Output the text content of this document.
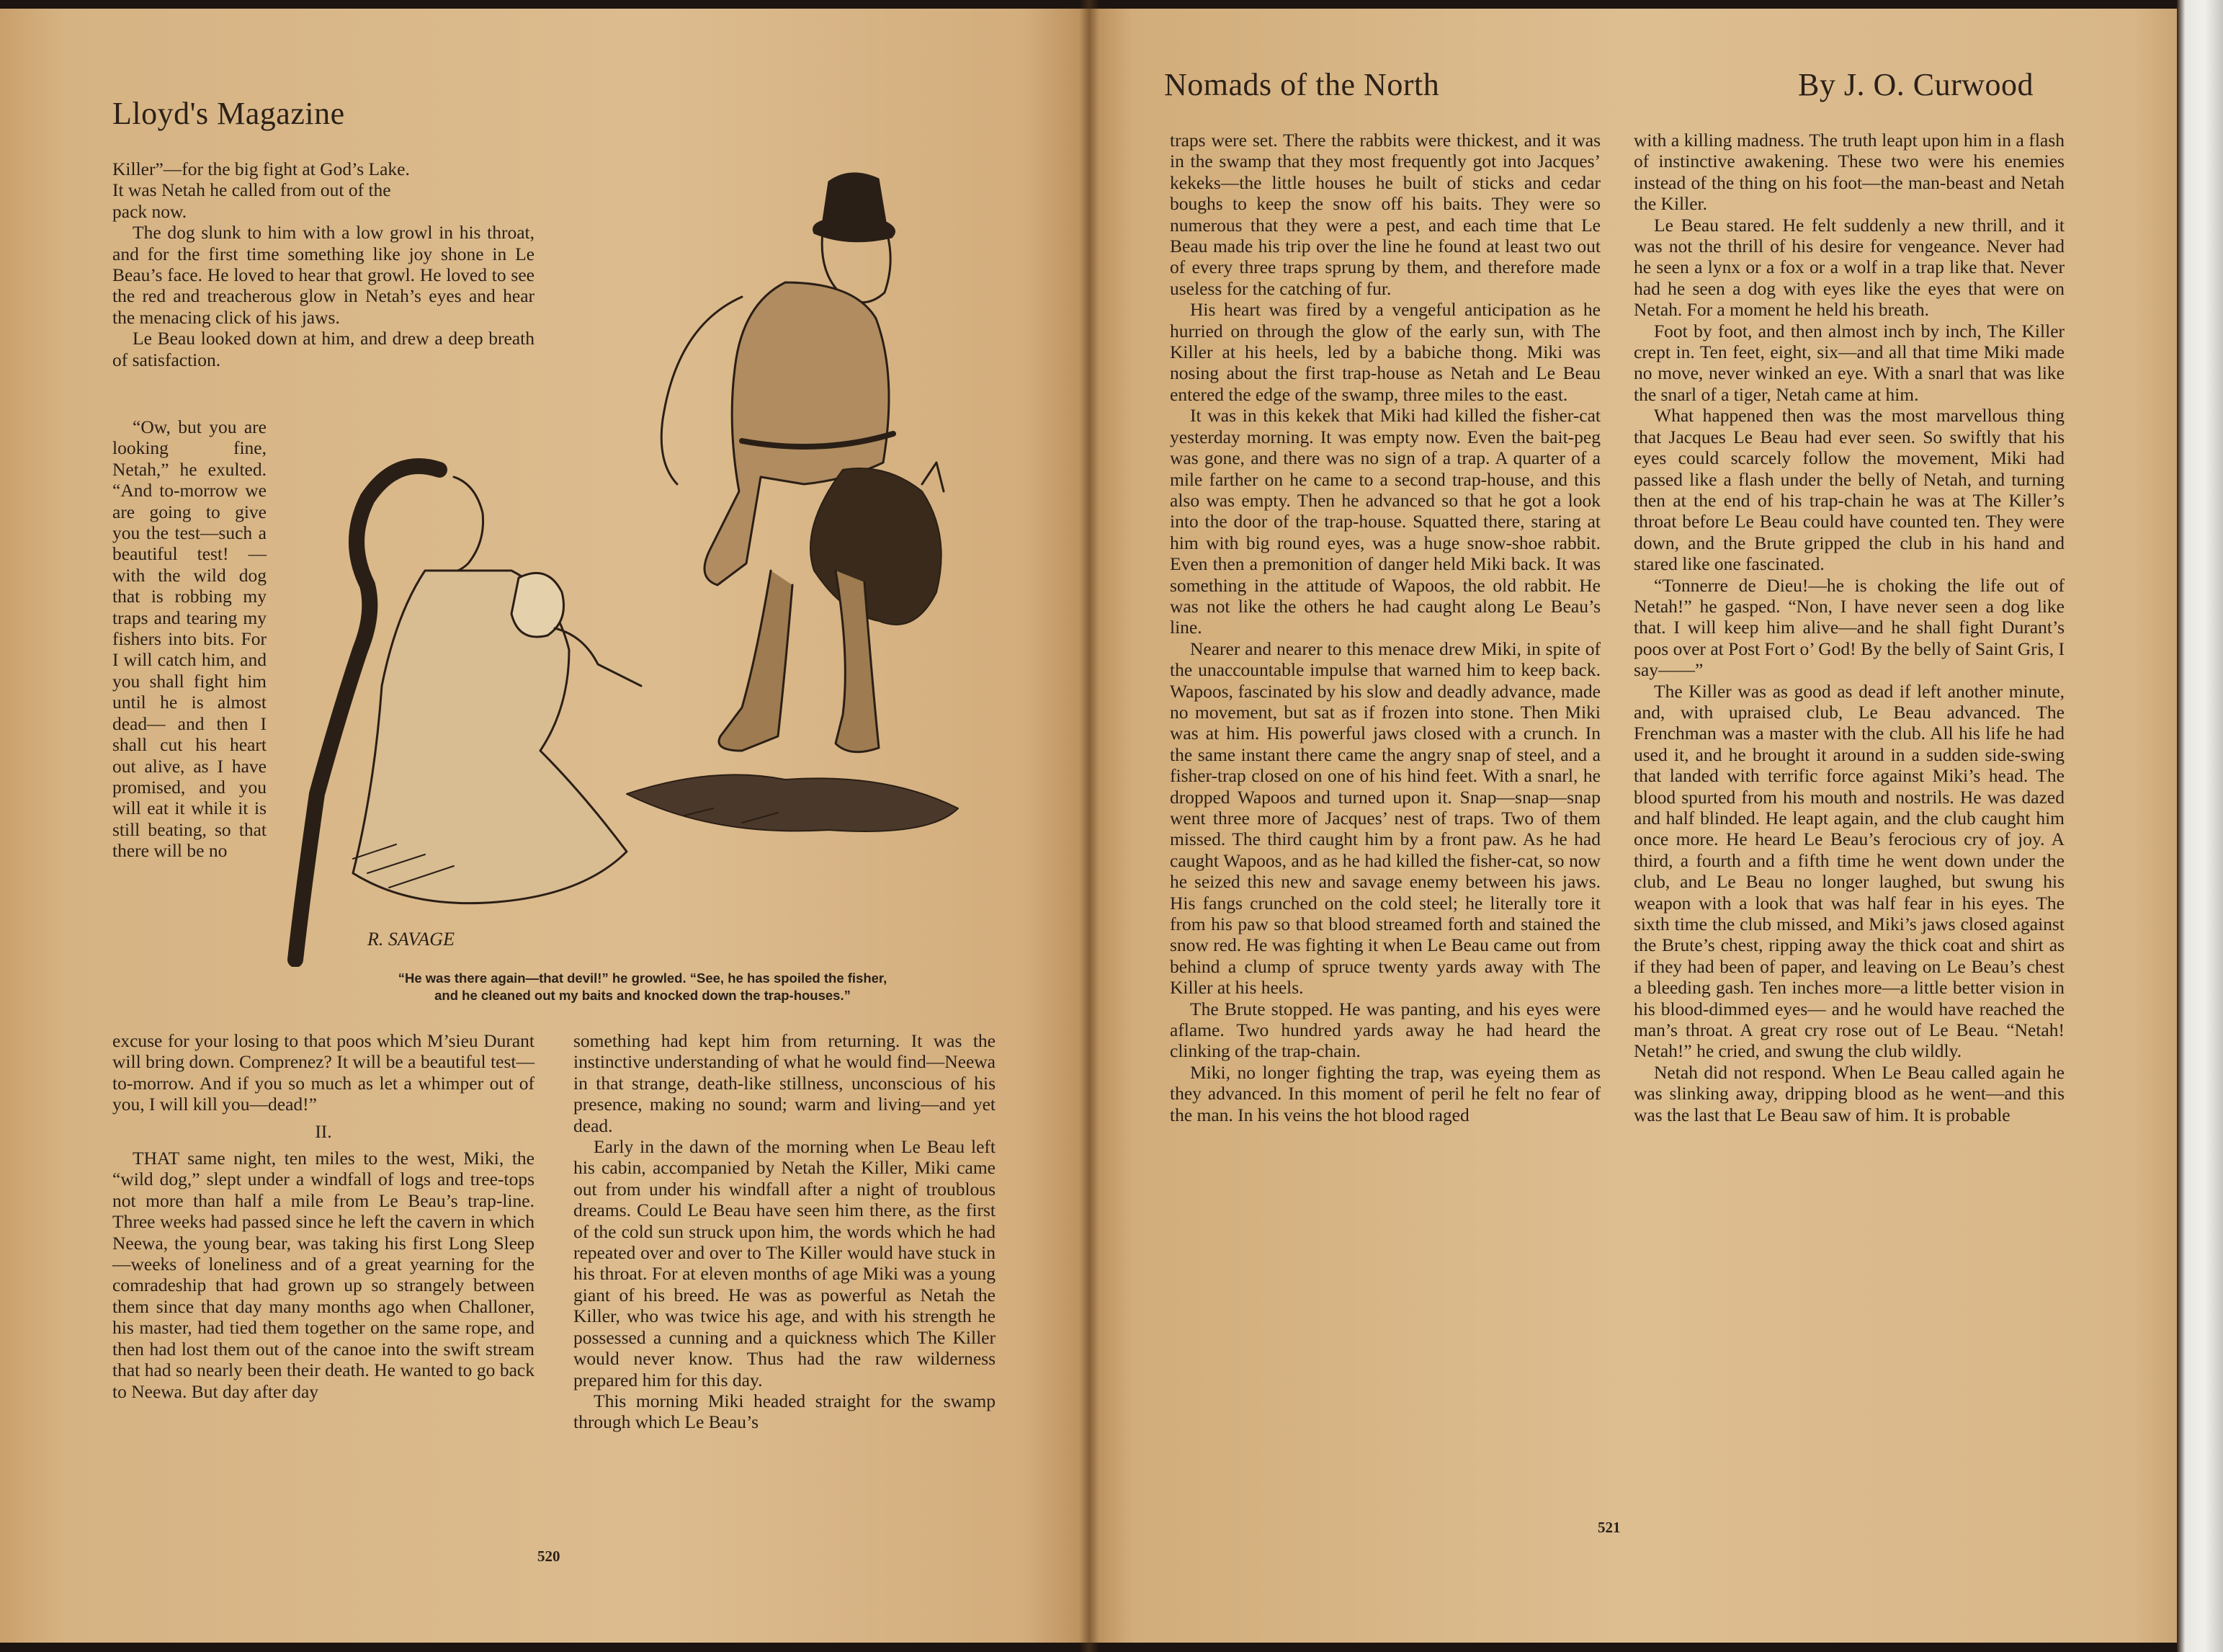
Lloyd's Magazine

Killer”—for the big fight at God’s Lake.

It was Netah he called from out of the

pack now.

The dog slunk to him with a low growl in his throat, and for the first time something like joy shone in Le Beau’s face. He loved to hear that growl. He loved to see the red and treacherous glow in Netah’s eyes and hear the menacing click of his jaws.

Le Beau looked down at him, and drew a deep breath of satisfaction.

“Ow, but you are looking fine, Netah,” he exulted. “And to-morrow we are going to give you the test—such a beautiful test! —with the wild dog that is robbing my traps and tearing my fishers into bits. For I will catch him, and you shall fight him until he is almost dead— and then I shall cut his heart out alive, as I have promised, and you will eat it while it is still beating, so that there will be no

R. SAVAGE
“He was there again—that devil!” he growled. “See, he has spoiled the fisher,
and he cleaned out my baits and knocked down the trap-houses.”

excuse for your losing to that poos which M’sieu Durant will bring down. Comprenez? It will be a beautiful test— to-morrow. And if you so much as let a whimper out of you, I will kill you—dead!”

II.

THAT same night, ten miles to the west, Miki, the “wild dog,” slept under a windfall of logs and tree-tops not more than half a mile from Le Beau’s trap-line. Three weeks had passed since he left the cavern in which Neewa, the young bear, was taking his first Long Sleep—weeks of loneliness and of a great yearning for the comradeship that had grown up so strangely between them since that day many months ago when Challoner, his master, had tied them together on the same rope, and then had lost them out of the canoe into the swift stream that had so nearly been their death. He wanted to go back to Neewa. But day after day

something had kept him from returning. It was the instinctive understanding of what he would find—Neewa in that strange, death-like stillness, unconscious of his presence, making no sound; warm and living—and yet dead.

Early in the dawn of the morning when Le Beau left his cabin, accompanied by Netah the Killer, Miki came out from under his windfall after a night of troublous dreams. Could Le Beau have seen him there, as the first of the cold sun struck upon him, the words which he had repeated over and over to The Killer would have stuck in his throat. For at eleven months of age Miki was a young giant of his breed. He was as powerful as Netah the Killer, who was twice his age, and with his strength he possessed a cunning and a quickness which The Killer would never know. Thus had the raw wilderness prepared him for this day.

This morning Miki headed straight for the swamp through which Le Beau’s

520
Nomads of the North	By J. O. Curwood

traps were set. There the rabbits were thickest, and it was in the swamp that they most frequently got into Jacques’ kekeks—the little houses he built of sticks and cedar boughs to keep the snow off his baits. They were so numerous that they were a pest, and each time that Le Beau made his trip over the line he found at least two out of every three traps sprung by them, and therefore made useless for the catching of fur.

His heart was fired by a vengeful anticipation as he hurried on through the glow of the early sun, with The Killer at his heels, led by a babiche thong. Miki was nosing about the first trap-house as Netah and Le Beau entered the edge of the swamp, three miles to the east.

It was in this kekek that Miki had killed the fisher-cat yesterday morning. It was empty now. Even the bait-peg was gone, and there was no sign of a trap. A quarter of a mile farther on he came to a second trap-house, and this also was empty. Then he advanced so that he got a look into the door of the trap-house. Squatted there, staring at him with big round eyes, was a huge snow-shoe rabbit. Even then a premonition of danger held Miki back. It was something in the attitude of Wapoos, the old rabbit. He was not like the others he had caught along Le Beau’s line.

Nearer and nearer to this menace drew Miki, in spite of the unaccountable impulse that warned him to keep back. Wapoos, fascinated by his slow and deadly advance, made no movement, but sat as if frozen into stone. Then Miki was at him. His powerful jaws closed with a crunch. In the same instant there came the angry snap of steel, and a fisher-trap closed on one of his hind feet. With a snarl, he dropped Wapoos and turned upon it. Snap—snap—snap went three more of Jacques’ nest of traps. Two of them missed. The third caught him by a front paw. As he had caught Wapoos, and as he had killed the fisher-cat, so now he seized this new and savage enemy between his jaws. His fangs crunched on the cold steel; he literally tore it from his paw so that blood streamed forth and stained the snow red. He was fighting it when Le Beau came out from behind a clump of spruce twenty yards away with The Killer at his heels.

The Brute stopped. He was panting, and his eyes were aflame. Two hundred yards away he had heard the clinking of the trap-chain.

Miki, no longer fighting the trap, was eyeing them as they advanced. In this moment of peril he felt no fear of the man. In his veins the hot blood raged

with a killing madness. The truth leapt upon him in a flash of instinctive awakening. These two were his enemies instead of the thing on his foot—the man-beast and Netah the Killer.

Le Beau stared. He felt suddenly a new thrill, and it was not the thrill of his desire for vengeance. Never had he seen a lynx or a fox or a wolf in a trap like that. Never had he seen a dog with eyes like the eyes that were on Netah. For a moment he held his breath.

Foot by foot, and then almost inch by inch, The Killer crept in. Ten feet, eight, six—and all that time Miki made no move, never winked an eye. With a snarl that was like the snarl of a tiger, Netah came at him.

What happened then was the most marvellous thing that Jacques Le Beau had ever seen. So swiftly that his eyes could scarcely follow the movement, Miki had passed like a flash under the belly of Netah, and turning then at the end of his trap-chain he was at The Killer’s throat before Le Beau could have counted ten. They were down, and the Brute gripped the club in his hand and stared like one fascinated.

“Tonnerre de Dieu!—he is choking the life out of Netah!” he gasped. “Non, I have never seen a dog like that. I will keep him alive—and he shall fight Durant’s poos over at Post Fort o’ God! By the belly of Saint Gris, I say——”

The Killer was as good as dead if left another minute, and, with upraised club, Le Beau advanced. The Frenchman was a master with the club. All his life he had used it, and he brought it around in a sudden side-swing that landed with terrific force against Miki’s head. The blood spurted from his mouth and nostrils. He was dazed and half blinded. He leapt again, and the club caught him once more. He heard Le Beau’s ferocious cry of joy. A third, a fourth and a fifth time he went down under the club, and Le Beau no longer laughed, but swung his weapon with a look that was half fear in his eyes. The sixth time the club missed, and Miki’s jaws closed against the Brute’s chest, ripping away the thick coat and shirt as if they had been of paper, and leaving on Le Beau’s chest a bleeding gash. Ten inches more—a little better vision in his blood-dimmed eyes— and he would have reached the man’s throat. A great cry rose out of Le Beau. “Netah! Netah!” he cried, and swung the club wildly.

Netah did not respond. When Le Beau called again he was slinking away, dripping blood as he went—and this was the last that Le Beau saw of him. It is probable

521
